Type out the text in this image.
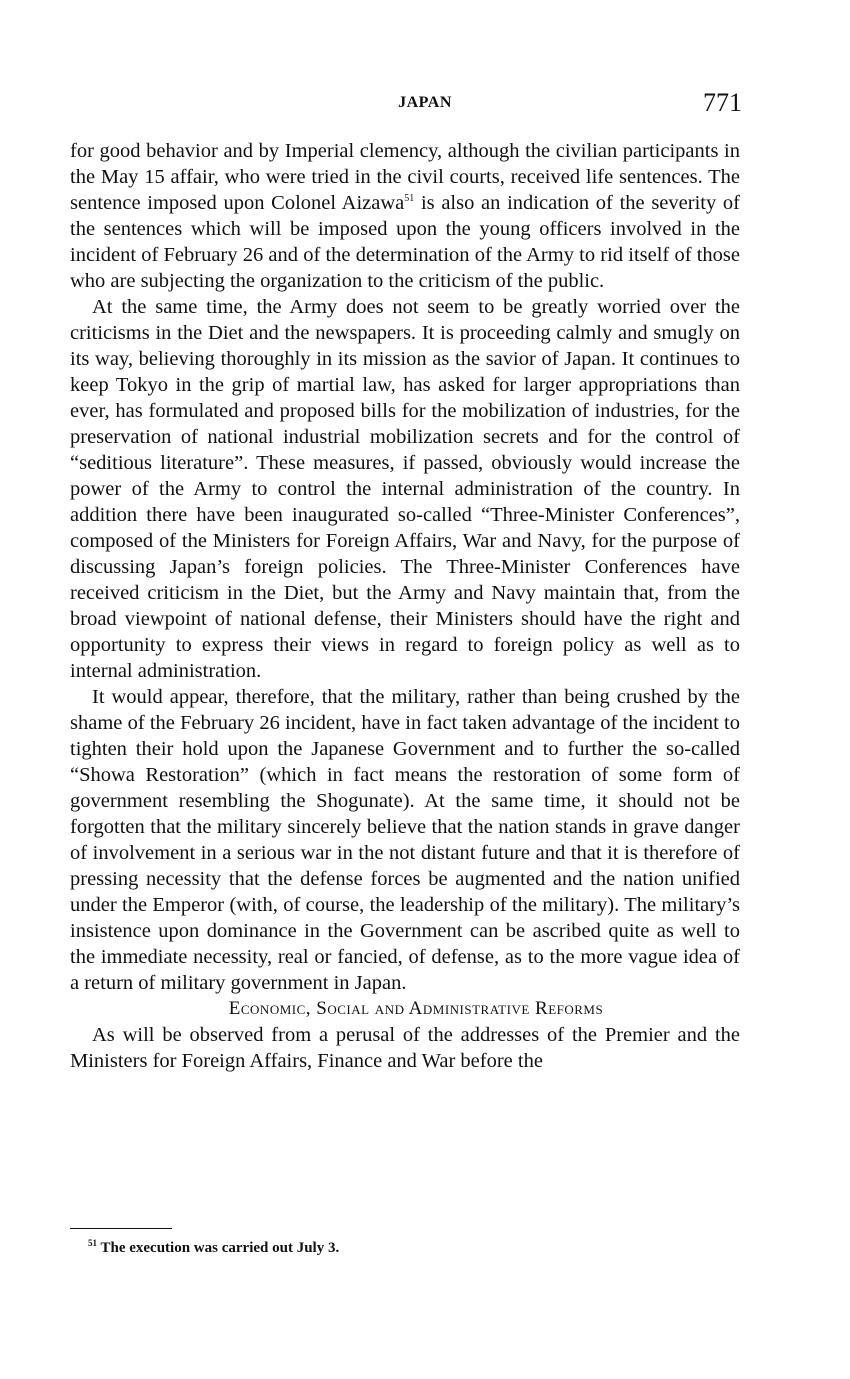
JAPAN	771

for good behavior and by Imperial clemency, although the civilian participants in the May 15 affair, who were tried in the civil courts, received life sentences. The sentence imposed upon Colonel Aizawa$^{51}$ is also an indication of the severity of the sentences which will be imposed upon the young officers involved in the incident of February 26 and of the determination of the Army to rid itself of those who are subjecting the organization to the criticism of the public.

At the same time, the Army does not seem to be greatly worried over the criticisms in the Diet and the newspapers. It is proceeding calmly and smugly on its way, believing thoroughly in its mission as the savior of Japan. It continues to keep Tokyo in the grip of martial law, has asked for larger appropriations than ever, has formulated and proposed bills for the mobilization of industries, for the preservation of national industrial mobilization secrets and for the control of “seditious literature”. These measures, if passed, obviously would increase the power of the Army to control the internal administration of the country. In addition there have been inaugurated so-called “Three-Minister Conferences”, composed of the Ministers for Foreign Affairs, War and Navy, for the purpose of discussing Japan’s foreign policies. The Three-Minister Conferences have received criticism in the Diet, but the Army and Navy maintain that, from the broad viewpoint of national defense, their Ministers should have the right and opportunity to express their views in regard to foreign policy as well as to internal administration.

It would appear, therefore, that the military, rather than being crushed by the shame of the February 26 incident, have in fact taken advantage of the incident to tighten their hold upon the Japanese Government and to further the so-called “Showa Restoration” (which in fact means the restoration of some form of government resembling the Shogunate). At the same time, it should not be forgotten that the military sincerely believe that the nation stands in grave danger of involvement in a serious war in the not distant future and that it is therefore of pressing necessity that the defense forces be augmented and the nation unified under the Emperor (with, of course, the leadership of the military). The military’s insistence upon dominance in the Government can be ascribed quite as well to the immediate necessity, real or fancied, of defense, as to the more vague idea of a return of military government in Japan.

Economic, Social and Administrative Reforms

As will be observed from a perusal of the addresses of the Premier and the Ministers for Foreign Affairs, Finance and War before the

$^{51}$ The execution was carried out July 3.
